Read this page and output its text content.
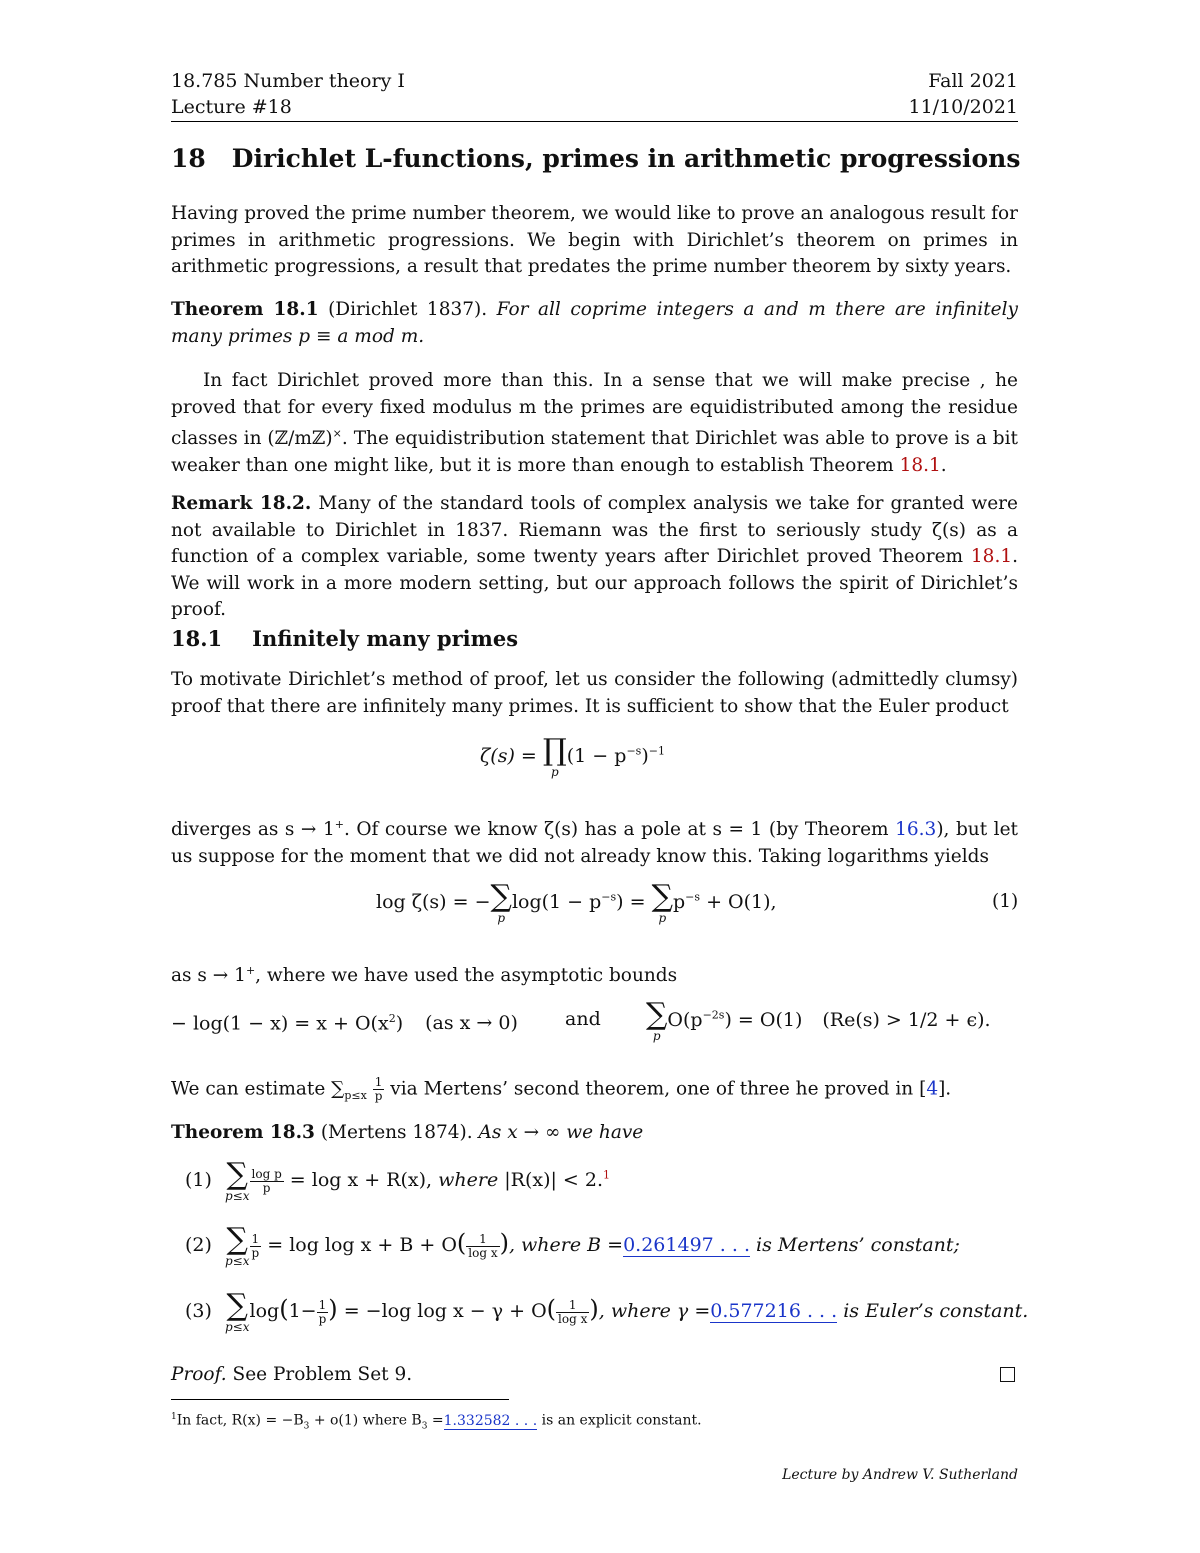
18.785 Number theory I
Lecture #18
Fall 2021
11/10/2021
18 Dirichlet L-functions, primes in arithmetic progressions

Having proved the prime number theorem, we would like to prove an analogous result for primes in arithmetic progressions. We begin with Dirichlet’s theorem on primes in arithmetic progressions, a result that predates the prime number theorem by sixty years.

Theorem 18.1 (Dirichlet 1837). For all coprime integers a and m there are infinitely many primes p ≡ a mod m.

In fact Dirichlet proved more than this. In a sense that we will make precise , he proved that for every fixed modulus m the primes are equidistributed among the residue classes in (ℤ/mℤ)×. The equidistribution statement that Dirichlet was able to prove is a bit weaker than one might like, but it is more than enough to establish Theorem 18.1.

Remark 18.2. Many of the standard tools of complex analysis we take for granted were not available to Dirichlet in 1837. Riemann was the first to seriously study ζ(s) as a function of a complex variable, some twenty years after Dirichlet proved Theorem 18.1. We will work in a more modern setting, but our approach follows the spirit of Dirichlet’s proof.

18.1 Infinitely many primes

To motivate Dirichlet’s method of proof, let us consider the following (admittedly clumsy) proof that there are infinitely many primes. It is sufficient to show that the Euler product

ζ(s) = ∏
p
$(1 - p^{-s})^{-1}$

diverges as s → 1+. Of course we know ζ(s) has a pole at s = 1 (by Theorem 16.3), but let us suppose for the moment that we did not already know this. Taking logarithms yields

log ζ(s) = − ∑
p
$\log(1 - p^{-s})$ = ∑
p
$p^{-s} + O(1)$,	(1)

as s → 1+, where we have used the asymptotic bounds

− $\log(1 - x) = x + O(x^2)$ (as x → 0) and ∑
p
$O(p^{-2s}) = O(1) (Re(s) > 1/2 + \epsilon)$.

We can estimate $\sum_{p\le x} \frac{1}{p}$ via Mertens’ second theorem, one of three he proved in [4].

Theorem 18.3 (Mertens 1874). As x → ∞ we have

(1) ∑
p≤x
$\frac{\text{log p}}{p} = \log x + R(x)$, where |R(x)| < 2.$^1$
(2) ∑
p≤x
$\frac{1}{p} = \log \log x + B + O( \frac{1}{\text{log x}}$ ), where B =0.261497 . . . is Mertens’ constant;
(3) ∑
p≤x
$\log(1- \frac{1}{p}$ ) = −log $\log x - \gamma + O( \frac{1}{\text{log x}}$ ), where γ =0.577216 . . . is Euler’s constant.
Proof. See Problem Set 9.
$^1$In fact, $R(x) = -B_3 + o(1)$ where $B_3 =1.332582$ . . . is an explicit constant.
Lecture by Andrew V. Sutherland
